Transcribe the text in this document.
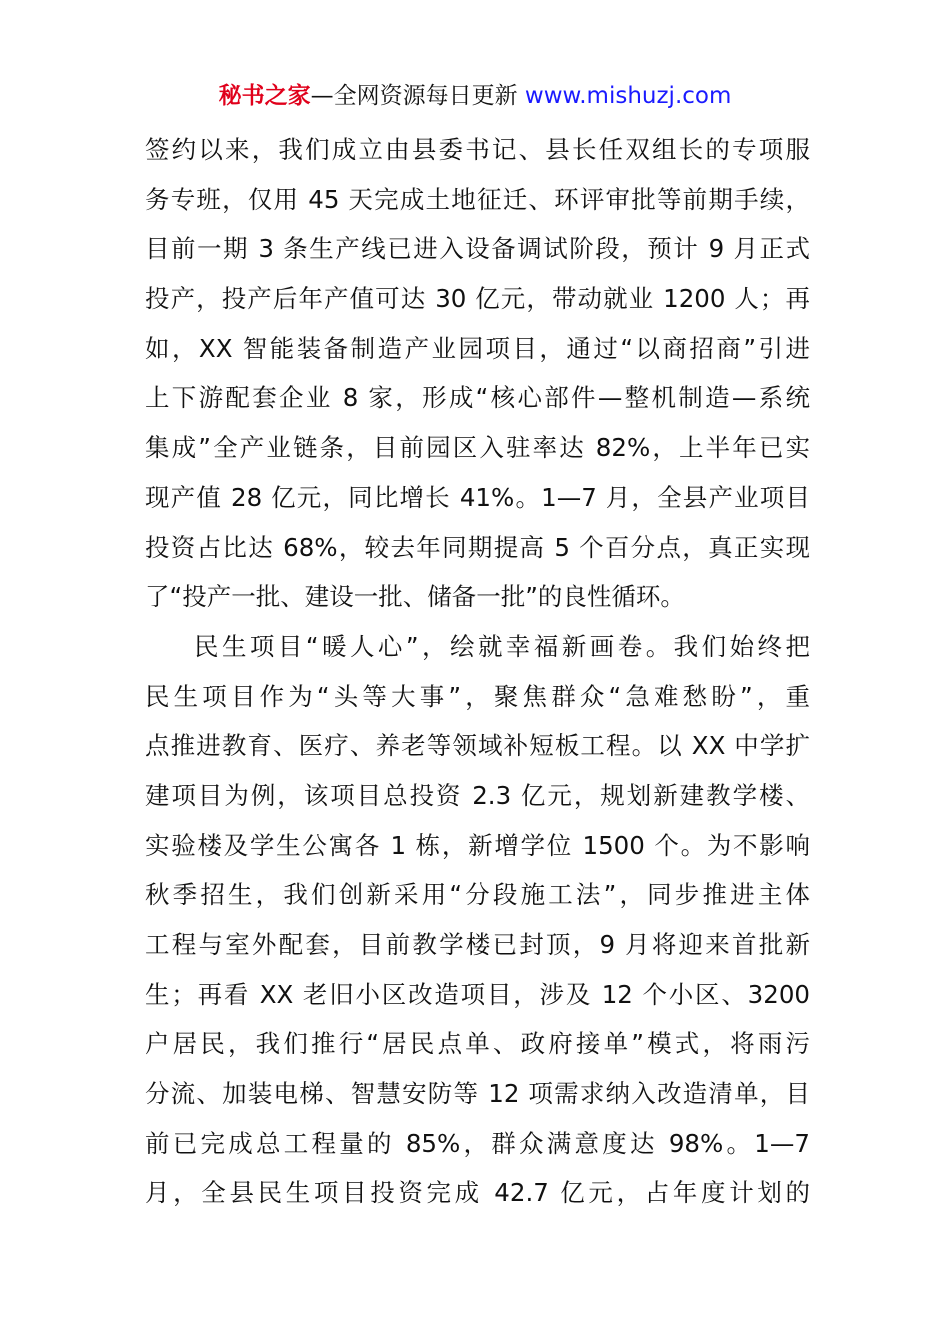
秘书之家—全网资源每日更新 www.mishuzj.com
签约以来，我们成立由县委书记、县长任双组长的专项服
务专班，仅用 45 天完成土地征迁、环评审批等前期手续，
目前一期 3 条生产线已进入设备调试阶段，预计 9 月正式
投产，投产后年产值可达 30 亿元，带动就业 1200 人；再
如，XX 智能装备制造产业园项目，通过“以商招商”引进
上下游配套企业 8 家，形成“核心部件—整机制造—系统
集成”全产业链条，目前园区入驻率达 82%，上半年已实
现产值 28 亿元，同比增长 41%。1—7 月，全县产业项目
投资占比达 68%，较去年同期提高 5 个百分点，真正实现
了“投产一批、建设一批、储备一批”的良性循环。
民生项目“暖人心”，绘就幸福新画卷。我们始终把
民生项目作为“头等大事”，聚焦群众“急难愁盼”，重
点推进教育、医疗、养老等领域补短板工程。以 XX 中学扩
建项目为例，该项目总投资 2.3 亿元，规划新建教学楼、
实验楼及学生公寓各 1 栋，新增学位 1500 个。为不影响
秋季招生，我们创新采用“分段施工法”，同步推进主体
工程与室外配套，目前教学楼已封顶，9 月将迎来首批新
生；再看 XX 老旧小区改造项目，涉及 12 个小区、3200
户居民，我们推行“居民点单、政府接单”模式，将雨污
分流、加装电梯、智慧安防等 12 项需求纳入改造清单，目
前已完成总工程量的 85%，群众满意度达 98%。1—7
月，全县民生项目投资完成 42.7 亿元，占年度计划的
